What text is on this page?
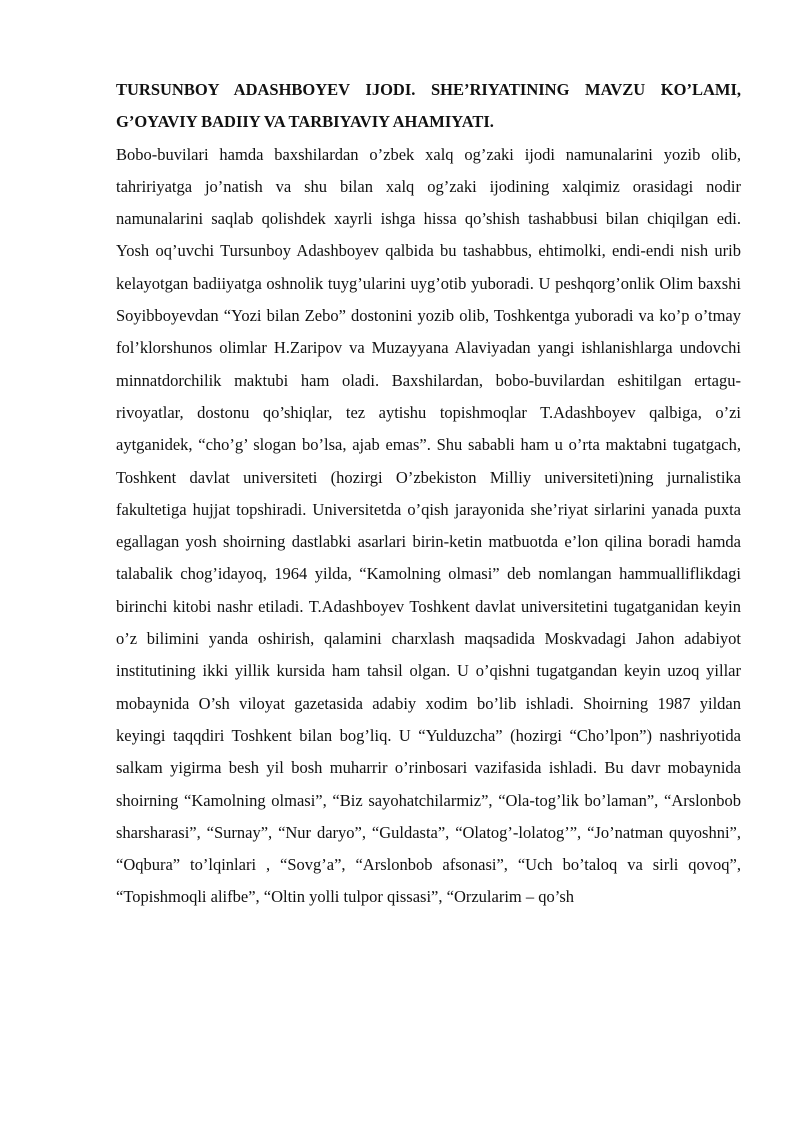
TURSUNBOY ADASHBOYEV IJODI. SHE’RIYATINING MAVZU KO’LAMI, G’OYAVIY BADIIY VA TARBIYAVIY AHAMIYATI.

Bobo-buvilari hamda baxshilardan o’zbek xalq og’zaki ijodi namunalarini yozib olib, tahririyatga jo’natish va shu bilan xalq og’zaki ijodining xalqimiz orasidagi nodir namunalarini saqlab qolishdek xayrli ishga hissa qo’shish tashabbusi bilan chiqilgan edi.

Yosh oq’uvchi Tursunboy Adashboyev qalbida bu tashabbus, ehtimolki, endi-endi nish urib kelayotgan badiiyatga oshnolik tuyg’ularini uyg’otib yuboradi. U peshqorg’onlik Olim baxshi Soyibboyevdan “Yozi bilan Zebo” dostonini yozib olib, Toshkentga yuboradi va ko’p o’tmay fol’klorshunos olimlar H.Zaripov va Muzayyana Alaviyadan yangi ishlanishlarga undovchi minnatdorchilik maktubi ham oladi. Baxshilardan, bobo-buvilardan eshitilgan ertagu-rivoyatlar, dostonu qo’shiqlar, tez aytishu topishmoqlar T.Adashboyev qalbiga, o’zi aytganidek, “cho’g’ slogan bo’lsa, ajab emas”. Shu sababli ham u o’rta maktabni tugatgach, Toshkent davlat universiteti (hozirgi O’zbekiston Milliy universiteti)ning jurnalistika fakultetiga hujjat topshiradi. Universitetda o’qish jarayonida she’riyat sirlarini yanada puxta egallagan yosh shoirning dastlabki asarlari birin-ketin matbuotda e’lon qilina boradi hamda talabalik chog’idayoq, 1964 yilda, “Kamolning olmasi” deb nomlangan hammualliflikdagi birinchi kitobi nashr etiladi. T.Adashboyev Toshkent davlat universitetini tugatganidan keyin o’z bilimini yanda oshirish, qalamini charxlash maqsadida Moskvadagi Jahon adabiyot institutining ikki yillik kursida ham tahsil olgan. U o’qishni tugatgandan keyin uzoq yillar mobaynida O’sh viloyat gazetasida adabiy xodim bo’lib ishladi. Shoirning 1987 yildan keyingi taqqdiri Toshkent bilan bog’liq. U “Yulduzcha” (hozirgi “Cho’lpon”) nashriyotida salkam yigirma besh yil bosh muharrir o’rinbosari vazifasida ishladi. Bu davr mobaynida shoirning “Kamolning olmasi”, “Biz sayohatchilarmiz”, “Ola-tog’lik bo’laman”, “Arslonbob sharsharasi”, “Surnay”, “Nur daryo”, “Guldasta”, “Olatog’-lolatog’”, “Jo’natman quyoshni”, “Oqbura” to’lqinlari , “Sovg’a”, “Arslonbob afsonasi”, “Uch bo’taloq va sirli qovoq”, “Topishmoqli alifbe”, “Oltin yolli tulpor qissasi”, “Orzularim – qo’sh
